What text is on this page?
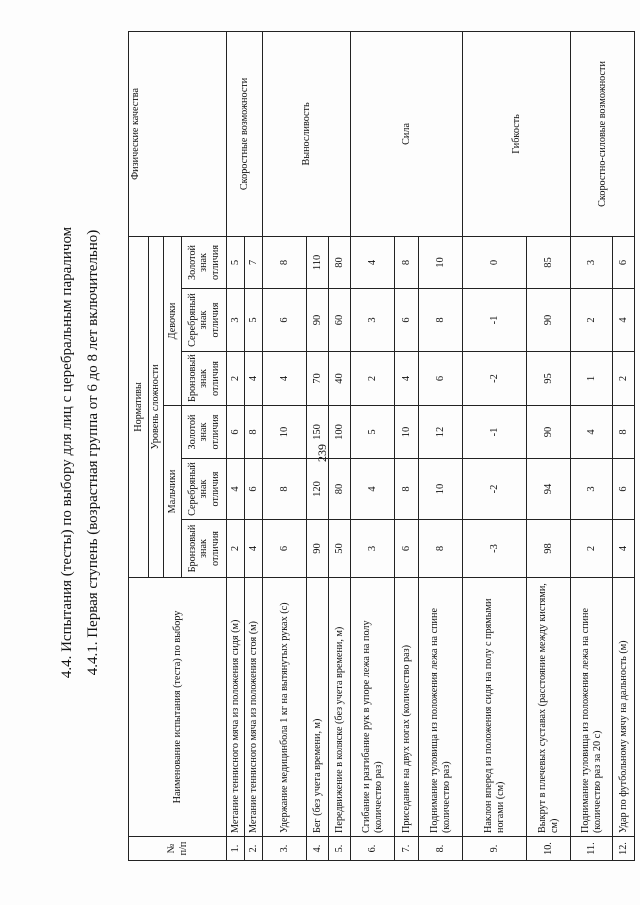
239
4.4. Испытания (тесты) по выбору для лиц с церебральным параличом 4.4.1. Первая ступень (возрастная группа от 6 до 8 лет включительно)
№ п/п	Наименование испытания (теста) по выбору	Нормативы						Физические качества
		Уровень сложности						
		Мальчики			Девочки			
		Бронзовый знак отличия	Серебряный знак отличия	Золотой знак отличия	Бронзовый знак отличия	Серебряный знак отличия	Золотой знак отличия	
1.	Метание теннисного мяча из положения сидя (м)	2	4	6	2	3	5	Скоростные возможности
2.	Метание теннисного мяча из положения стоя (м)	4	6	8	4	5	7	
3.	Удержание медицинбола 1 кг на вытянутых руках (с)	6	8	10	4	6	8	Выносливость
4.	Бег (без учета времени, м)	90	120	150	70	90	110	
5.	Передвижение в коляске (без учета времени, м)	50	80	100	40	60	80	
6.	Сгибание и разгибание рук в упоре лежа на полу (количество раз)	3	4	5	2	3	4	Сила
7.	Приседание на двух ногах (количество раз)	6	8	10	4	6	8	
8.	Поднимание туловища из положения лежа на спине (количество раз)	8	10	12	6	8	10	
9.	Наклон вперед из положения сидя на полу с прямыми ногами (см)	-3	-2	-1	-2	-1	0	Гибкость
10.	Выкрут в плечевых суставах (расстояние между кистями, см)	98	94	90	95	90	85	
11.	Поднимание туловища из положения лежа на спине (количество раз за 20 с)	2	3	4	1	2	3	Скоростно-силовые возможности
12.	Удар по футбольному мячу на дальность (м)	4	6	8	2	4	6	
